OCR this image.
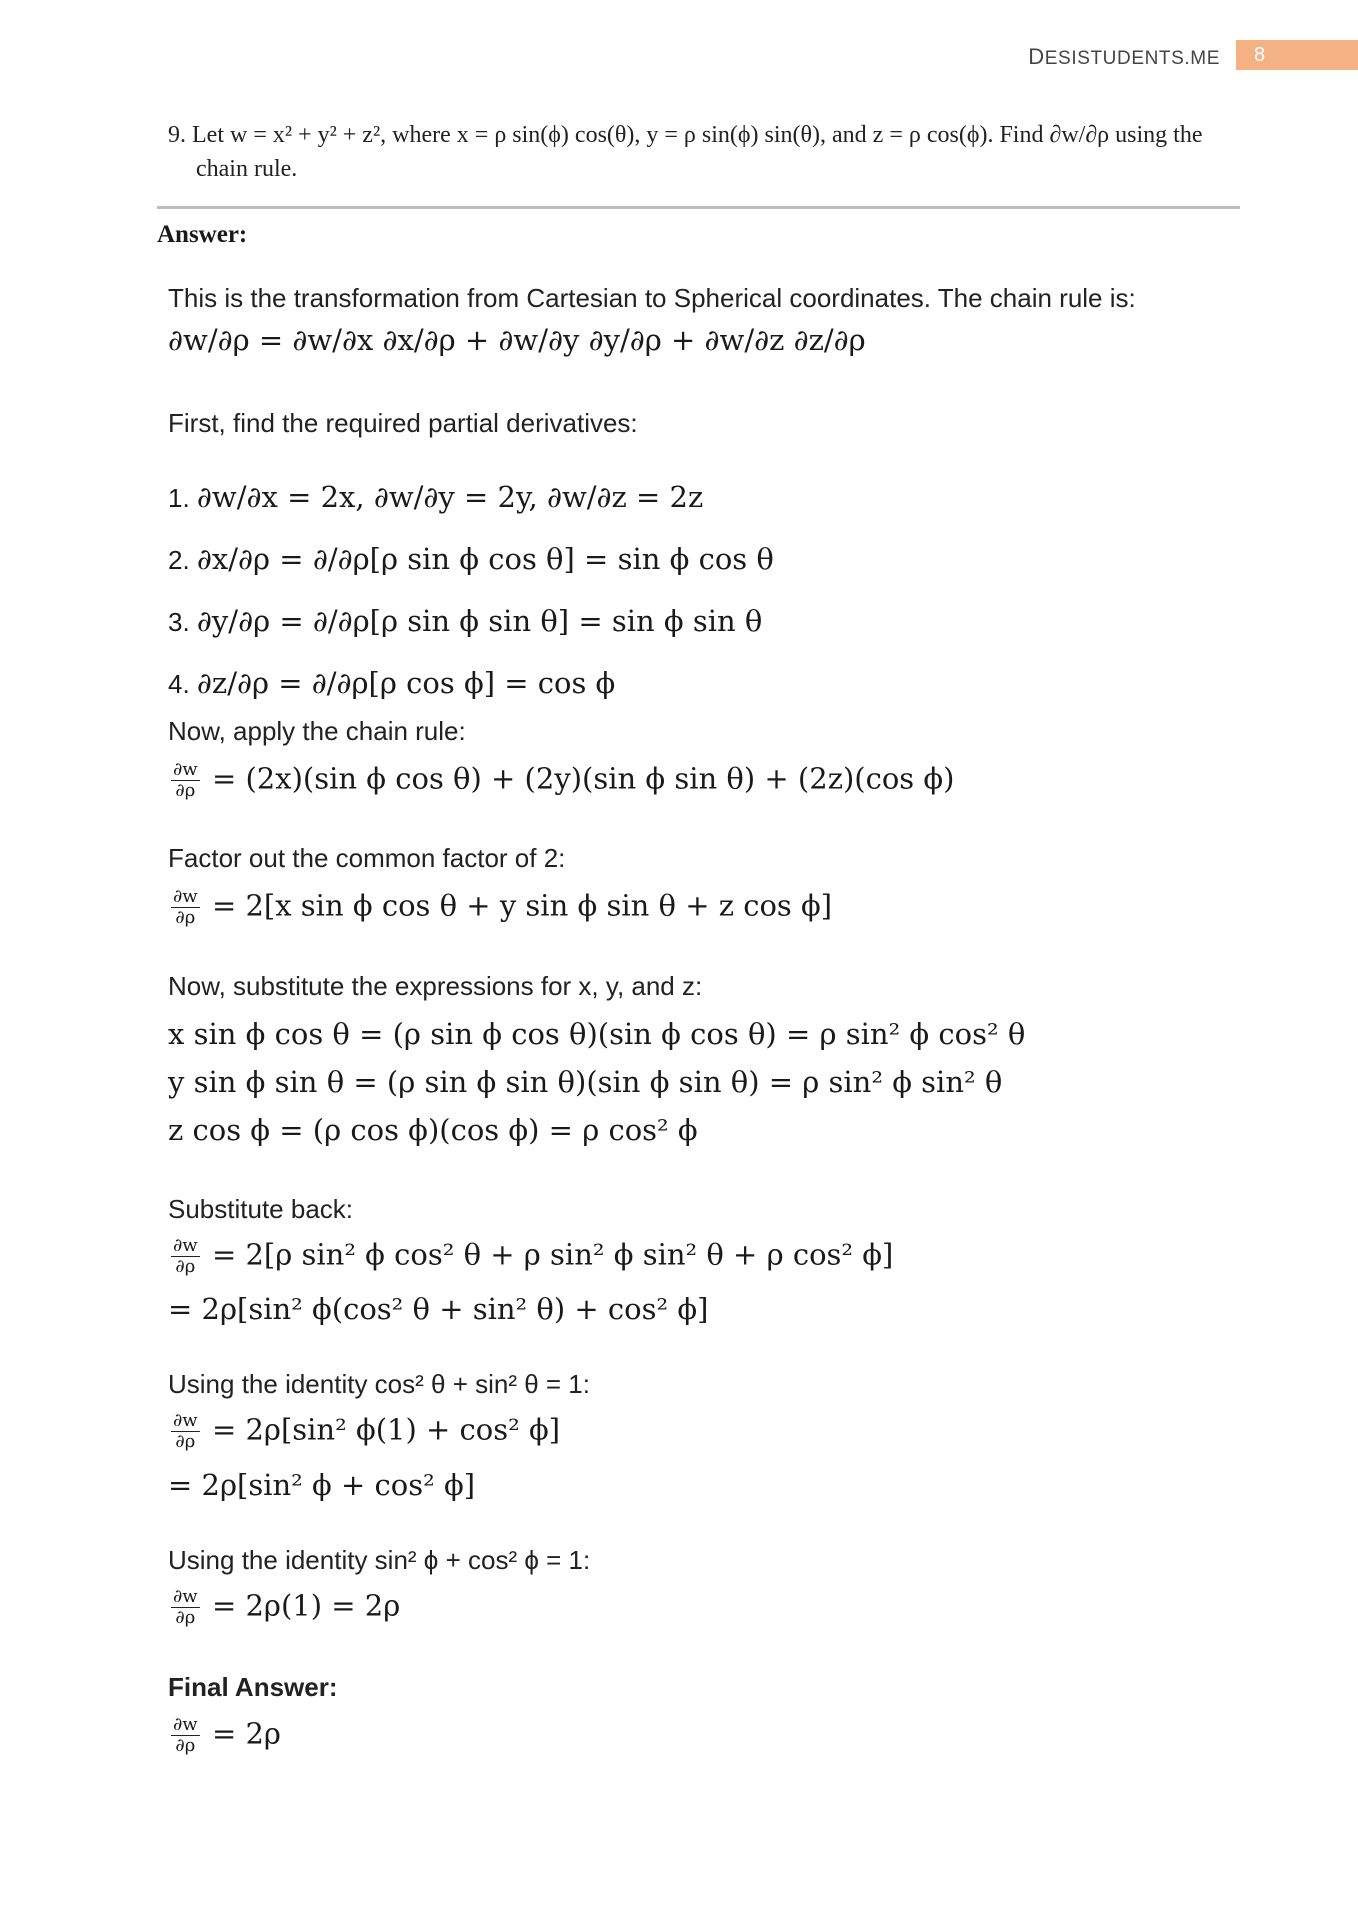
DESISTUDENTS.ME	8
9. Let w = x² + y² + z², where x = ρ sin(ϕ) cos(θ), y = ρ sin(ϕ) sin(θ), and z = ρ cos(ϕ). Find ∂w/∂ρ using the
chain rule.
Answer:
This is the transformation from Cartesian to Spherical coordinates. The chain rule is:
∂w/∂ρ = ∂w/∂x ∂x/∂ρ + ∂w/∂y ∂y/∂ρ + ∂w/∂z ∂z/∂ρ
First, find the required partial derivatives:
1. ∂w/∂x = 2x, ∂w/∂y = 2y, ∂w/∂z = 2z
2. ∂x/∂ρ = ∂/∂ρ[ρ sin ϕ cos θ] = sin ϕ cos θ
3. ∂y/∂ρ = ∂/∂ρ[ρ sin ϕ sin θ] = sin ϕ sin θ
4. ∂z/∂ρ = ∂/∂ρ[ρ cos ϕ] = cos ϕ
Now, apply the chain rule:
$\frac{\partial w}{\partial\rho} = (2x)(\sin$ ϕ cos θ) + (2y)(sin ϕ sin θ) + (2z)(cos ϕ)
Factor out the common factor of 2:
$\frac{\partial w}{\partial\rho} = 2[x$ sin ϕ cos θ + y sin ϕ sin θ + z cos ϕ]
Now, substitute the expressions for x, y, and z:
x sin ϕ cos θ = (ρ sin ϕ cos θ)(sin ϕ cos θ) = ρ sin² ϕ cos² θ
y sin ϕ sin θ = (ρ sin ϕ sin θ)(sin ϕ sin θ) = ρ sin² ϕ sin² θ
z cos ϕ = (ρ cos ϕ)(cos ϕ) = ρ cos² ϕ
Substitute back:
$\frac{\partial w}{\partial\rho} = 2[\rho$ sin² ϕ cos² θ + ρ sin² ϕ sin² θ + ρ cos² ϕ]
= 2ρ[sin² ϕ(cos² θ + sin² θ) + cos² ϕ]
Using the identity cos² θ + sin² θ = 1:
$\frac{\partial w}{\partial\rho} = 2\rho[\sin^2$ ϕ(1) + cos² ϕ]
= 2ρ[sin² ϕ + cos² ϕ]
Using the identity sin² ϕ + cos² ϕ = 1:
$\frac{\partial w}{\partial\rho} = 2\rho(1) = 2\rho$
Final Answer:
$\frac{\partial w}{\partial\rho} = 2\rho$
